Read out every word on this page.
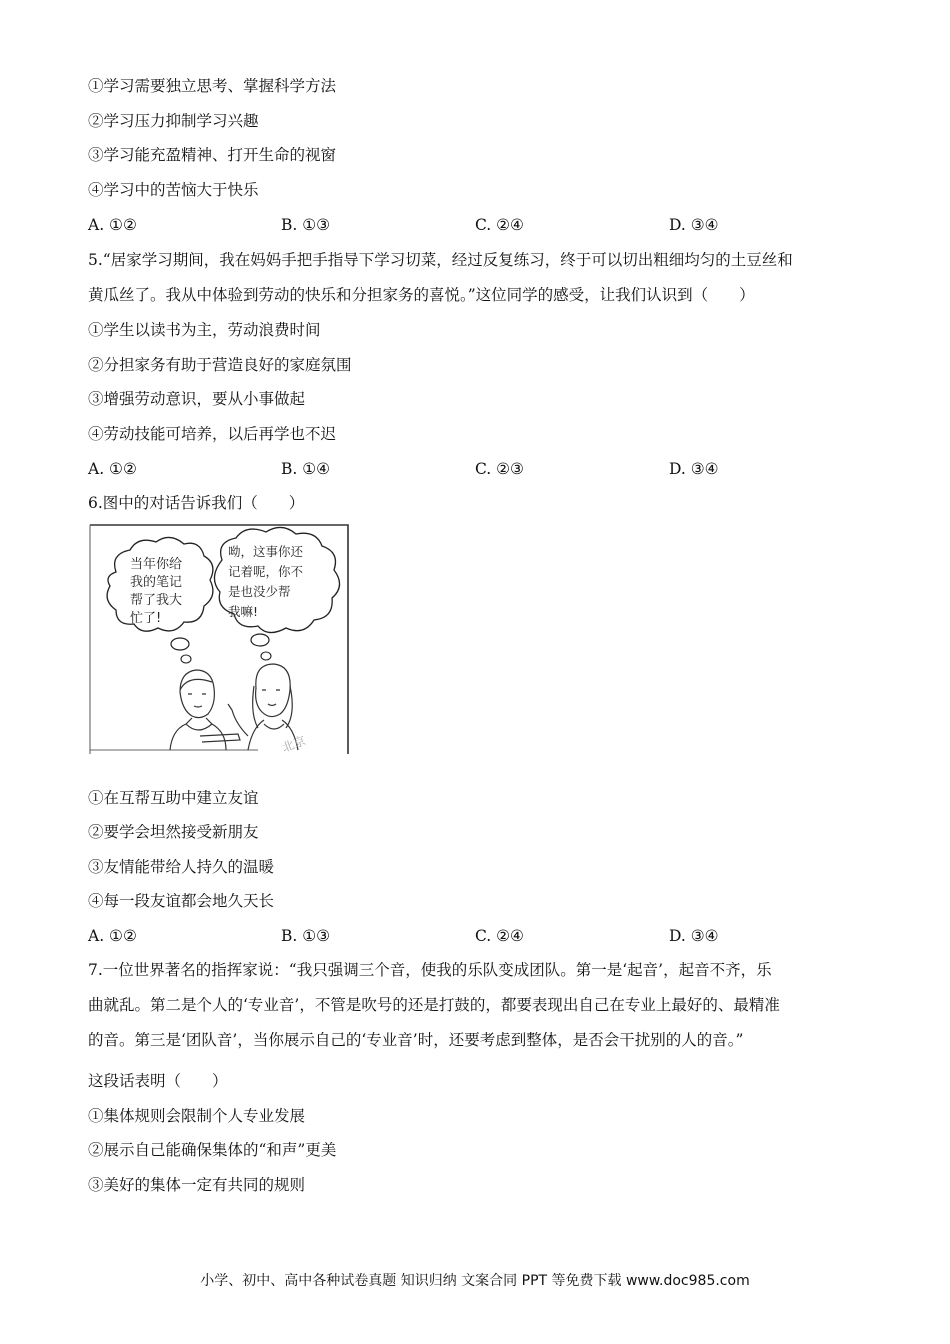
①学习需要独立思考、掌握科学方法
②学习压力抑制学习兴趣
③学习能充盈精神、打开生命的视窗
④学习中的苦恼大于快乐
A. ①②	B. ①③	C. ②④	D. ③④
5.“居家学习期间，我在妈妈手把手指导下学习切菜，经过反复练习，终于可以切出粗细均匀的土豆丝和
黄瓜丝了。我从中体验到劳动的快乐和分担家务的喜悦。”这位同学的感受，让我们认识到（　　）
①学生以读书为主，劳动浪费时间
②分担家务有助于营造良好的家庭氛围
③增强劳动意识，要从小事做起
④劳动技能可培养，以后再学也不迟
A. ①②	B. ①④	C. ②③	D. ③④
6.图中的对话告诉我们（　　）
当年你给
我的笔记
帮了我大
忙了!
呦，这事你还
记着呢，你不
是也没少帮
我嘛!
北京
①在互帮互助中建立友谊
②要学会坦然接受新朋友
③友情能带给人持久的温暖
④每一段友谊都会地久天长
A. ①②	B. ①③	C. ②④	D. ③④
7.一位世界著名的指挥家说：“我只强调三个音，使我的乐队变成团队。第一是‘起音’，起音不齐，乐
曲就乱。第二是个人的‘专业音’，不管是吹号的还是打鼓的，都要表现出自己在专业上最好的、最精准
的音。第三是‘团队音’，当你展示自己的‘专业音’时，还要考虑到整体，是否会干扰别的人的音。”
这段话表明（　　）
①集体规则会限制个人专业发展
②展示自己能确保集体的“和声”更美
③美好的集体一定有共同的规则
小学、初中、高中各种试卷真题 知识归纳 文案合同 PPT 等免费下载 www.doc985.com
